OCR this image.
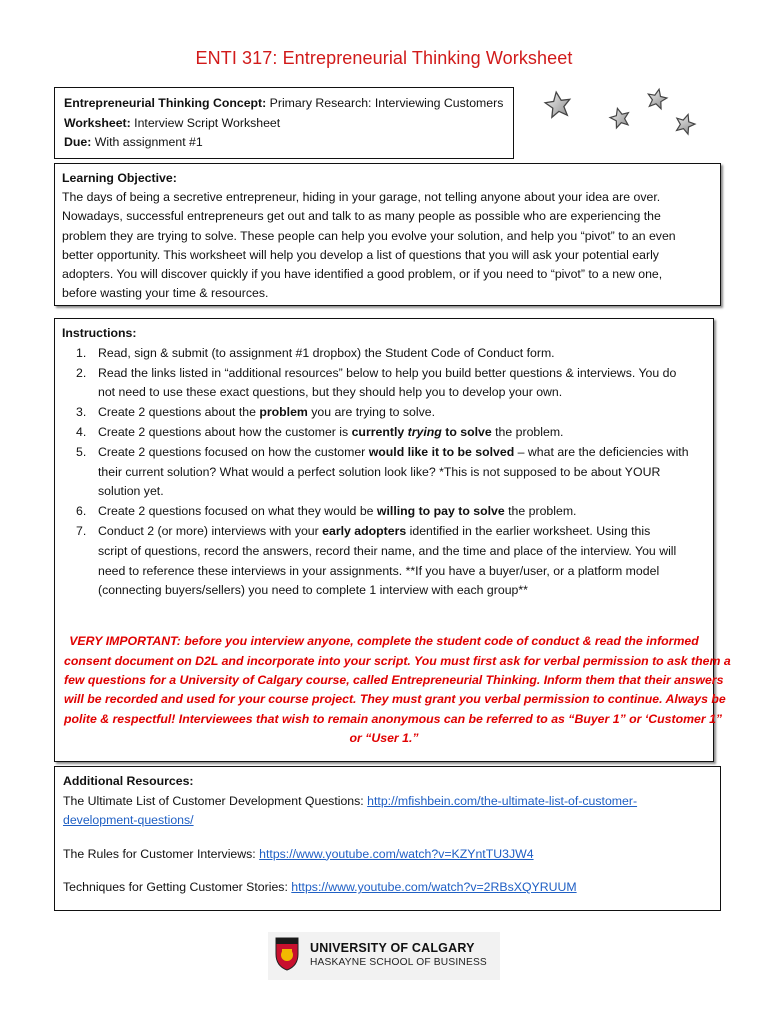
ENTI 317: Entrepreneurial Thinking Worksheet
Entrepreneurial Thinking Concept: Primary Research: Interviewing Customers
Worksheet: Interview Script Worksheet
Due: With assignment #1
Learning Objective:
The days of being a secretive entrepreneur, hiding in your garage, not telling anyone about your idea are over.
Nowadays, successful entrepreneurs get out and talk to as many people as possible who are experiencing the
problem they are trying to solve. These people can help you evolve your solution, and help you “pivot” to an even
better opportunity. This worksheet will help you develop a list of questions that you will ask your potential early
adopters. You will discover quickly if you have identified a good problem, or if you need to “pivot” to a new one,
before wasting your time & resources.
Instructions:
1. Read, sign & submit (to assignment #1 dropbox) the Student Code of Conduct form.
2. Read the links listed in “additional resources” below to help you build better questions & interviews. You do
not need to use these exact questions, but they should help you to develop your own.
3. Create 2 questions about the problem you are trying to solve.
4. Create 2 questions about how the customer is currently trying to solve the problem.
5. Create 2 questions focused on how the customer would like it to be solved – what are the deficiencies with
their current solution? What would a perfect solution look like? *This is not supposed to be about YOUR
solution yet.
6. Create 2 questions focused on what they would be willing to pay to solve the problem.
7. Conduct 2 (or more) interviews with your early adopters identified in the earlier worksheet. Using this
script of questions, record the answers, record their name, and the time and place of the interview. You will
need to reference these interviews in your assignments. **If you have a buyer/user, or a platform model
(connecting buyers/sellers) you need to complete 1 interview with each group**
VERY IMPORTANT: before you interview anyone, complete the student code of conduct & read the informed
consent document on D2L and incorporate into your script. You must first ask for verbal permission to ask them a
few questions for a University of Calgary course, called Entrepreneurial Thinking. Inform them that their answers
will be recorded and used for your course project. They must grant you verbal permission to continue. Always be
polite & respectful! Interviewees that wish to remain anonymous can be referred to as “Buyer 1” or ‘Customer 1”
or “User 1.”
Additional Resources:
The Ultimate List of Customer Development Questions: http://mfishbein.com/the-ultimate-list-of-customer-
development-questions/
The Rules for Customer Interviews: https://www.youtube.com/watch?v=KZYntTU3JW4
Techniques for Getting Customer Stories: https://www.youtube.com/watch?v=2RBsXQYRUUM
UNIVERSITY OF CALGARY
HASKAYNE SCHOOL OF BUSINESS
